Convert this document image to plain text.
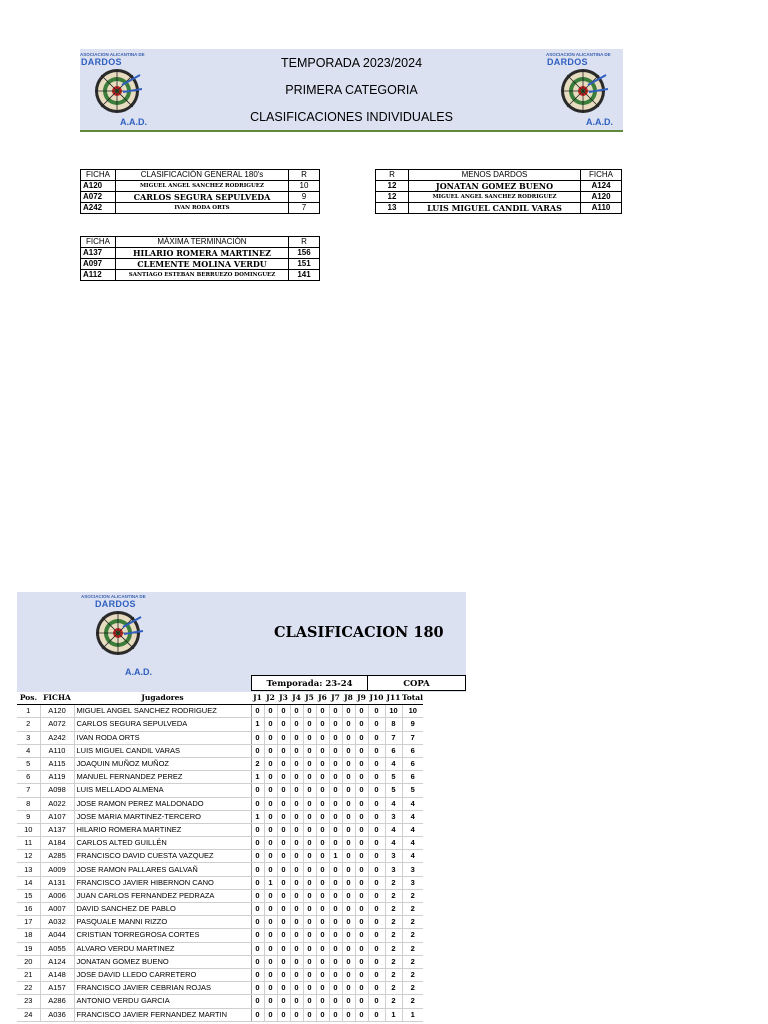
ASOCIACION ALICANTINA DE
DARDOS
A.A.D.
TEMPORADA 2023/2024
PRIMERA CATEGORIA
CLASIFICACIONES INDIVIDUALES
ASOCIACION ALICANTINA DE
DARDOS
A.A.D.
FICHA	CLASIFICACIÓN GENERAL 180's	R
A120	MIGUEL ANGEL SANCHEZ RODRIGUEZ	10
A072	CARLOS SEGURA SEPULVEDA	9
A242	IVAN RODA ORTS	7
FICHA	MÁXIMA TERMINACIÓN	R
A137	HILARIO ROMERA MARTINEZ	156
A097	CLEMENTE MOLINA VERDU	151
A112	SANTIAGO ESTEBAN BERRUEZO DOMINGUEZ	141
R	MENOS DARDOS	FICHA
12	JONATAN GOMEZ BUENO	A124
12	MIGUEL ANGEL SANCHEZ RODRIGUEZ	A120
13	LUIS MIGUEL CANDIL VARAS	A110
ASOCIACION ALICANTINA DE
DARDOS
A.A.D.
CLASIFICACION 180
Temporada: 23-24	COPA
Pos.	FICHA	Jugadores	J1	J2	J3	J4	J5	J6	J7	J8	J9	J10	J11	Total
1	A120	MIGUEL ANGEL SANCHEZ RODRIGUEZ	0	0	0	0	0	0	0	0	0	0	10	10
2	A072	CARLOS SEGURA SEPULVEDA	1	0	0	0	0	0	0	0	0	0	8	9
3	A242	IVAN RODA ORTS	0	0	0	0	0	0	0	0	0	0	7	7
4	A110	LUIS MIGUEL CANDIL VARAS	0	0	0	0	0	0	0	0	0	0	6	6
5	A115	JOAQUIN MUÑOZ MUÑOZ	2	0	0	0	0	0	0	0	0	0	4	6
6	A119	MANUEL FERNANDEZ PEREZ	1	0	0	0	0	0	0	0	0	0	5	6
7	A098	LUIS MELLADO ALMENA	0	0	0	0	0	0	0	0	0	0	5	5
8	A022	JOSE RAMON PEREZ MALDONADO	0	0	0	0	0	0	0	0	0	0	4	4
9	A107	JOSE MARIA MARTINEZ-TERCERO	1	0	0	0	0	0	0	0	0	0	3	4
10	A137	HILARIO ROMERA MARTINEZ	0	0	0	0	0	0	0	0	0	0	4	4
11	A184	CARLOS ALTED GUILLÉN	0	0	0	0	0	0	0	0	0	0	4	4
12	A285	FRANCISCO DAVID CUESTA VAZQUEZ	0	0	0	0	0	0	1	0	0	0	3	4
13	A009	JOSE RAMON PALLARES GALVAÑ	0	0	0	0	0	0	0	0	0	0	3	3
14	A131	FRANCISCO JAVIER HIBERNON CANO	0	1	0	0	0	0	0	0	0	0	2	3
15	A006	JUAN CARLOS FERNANDEZ PEDRAZA	0	0	0	0	0	0	0	0	0	0	2	2
16	A007	DAVID SANCHEZ DE PABLO	0	0	0	0	0	0	0	0	0	0	2	2
17	A032	PASQUALE MANNI RIZZO	0	0	0	0	0	0	0	0	0	0	2	2
18	A044	CRISTIAN TORREGROSA CORTES	0	0	0	0	0	0	0	0	0	0	2	2
19	A055	ALVARO VERDU MARTINEZ	0	0	0	0	0	0	0	0	0	0	2	2
20	A124	JONATAN GOMEZ BUENO	0	0	0	0	0	0	0	0	0	0	2	2
21	A148	JOSE DAVID LLEDO CARRETERO	0	0	0	0	0	0	0	0	0	0	2	2
22	A157	FRANCISCO JAVIER CEBRIAN ROJAS	0	0	0	0	0	0	0	0	0	0	2	2
23	A286	ANTONIO VERDU GARCIA	0	0	0	0	0	0	0	0	0	0	2	2
24	A036	FRANCISCO JAVIER FERNANDEZ MARTIN	0	0	0	0	0	0	0	0	0	0	1	1
